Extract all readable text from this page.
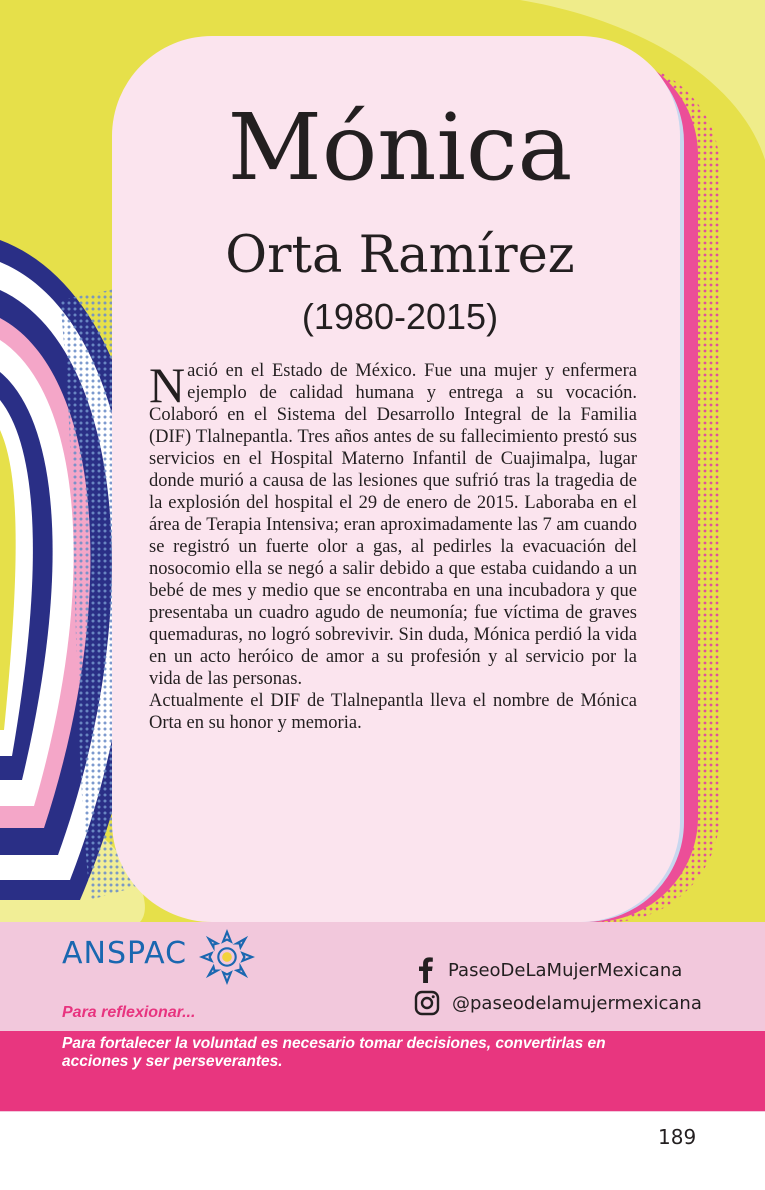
Mónica
Orta Ramírez
(1980-2015)

Nació en el Estado de México. Fue una mujer y enfermera ejemplo de calidad humana y entrega a su vocación. Colaboró en el Sistema del Desarrollo Integral de la Familia (DIF) Tlalnepantla. Tres años antes de su fallecimiento prestó sus servicios en el Hospital Materno Infantil de Cuajimalpa, lugar donde murió a causa de las lesiones que sufrió tras la tragedia de la explosión del hospital el 29 de enero de 2015. Laboraba en el área de Terapia Intensiva; eran aproximadamente las 7 am cuando se registró un fuerte olor a gas, al pedirles la evacuación del nosocomio ella se negó a salir debido a que estaba cuidando a un bebé de mes y medio que se encontraba en una incubadora y que presentaba un cuadro agudo de neumonía; fue víctima de graves quemaduras, no logró sobrevivir. Sin duda, Mónica perdió la vida en un acto heróico de amor a su profesión y al servicio por la vida de las personas.

Actualmente el DIF de Tlalnepantla lleva el nombre de Mónica Orta en su honor y memoria.

ANSPAC	PaseoDeLaMujerMexicana
@paseodelamujermexicana
Para reflexionar...
Para fortalecer la voluntad es necesario tomar decisiones, convertirlas en acciones y ser perseverantes.
189
